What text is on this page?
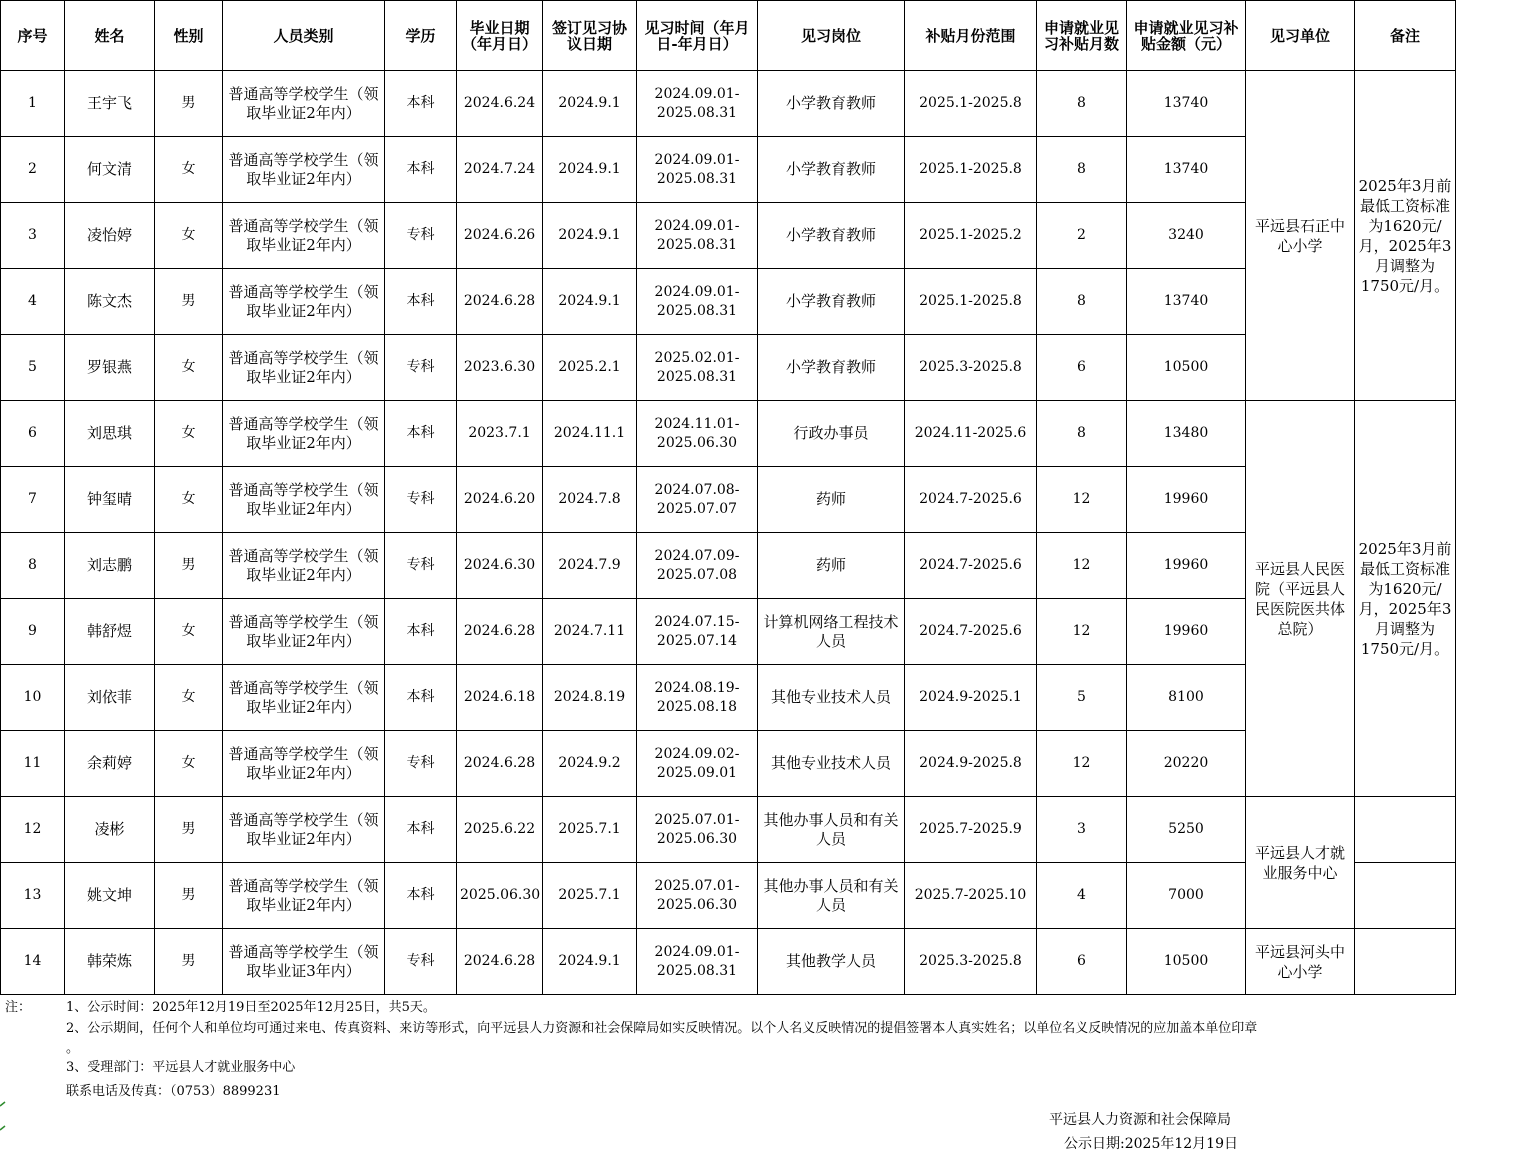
序号	姓名	性别	人员类别	学历	毕业日期（年月日）	签订见习协议日期	见习时间（年月日-年月日）	见习岗位	补贴月份范围	申请就业见习补贴月数	申请就业见习补贴金额（元）	见习单位	备注
1	王宇飞	男	普通高等学校学生（领取毕业证2年内）	本科	2024.6.24	2024.9.1	2024.09.01-2025.08.31	小学教育教师	2025.1-2025.8	8	13740	平远县石正中心小学	2025年3月前最低工资标准为1620元/月，2025年3月调整为1750元/月。
2	何文清	女	普通高等学校学生（领取毕业证2年内）	本科	2024.7.24	2024.9.1	2024.09.01-2025.08.31	小学教育教师	2025.1-2025.8	8	13740		
3	凌怡婷	女	普通高等学校学生（领取毕业证2年内）	专科	2024.6.26	2024.9.1	2024.09.01-2025.08.31	小学教育教师	2025.1-2025.2	2	3240		
4	陈文杰	男	普通高等学校学生（领取毕业证2年内）	本科	2024.6.28	2024.9.1	2024.09.01-2025.08.31	小学教育教师	2025.1-2025.8	8	13740		
5	罗银燕	女	普通高等学校学生（领取毕业证2年内）	专科	2023.6.30	2025.2.1	2025.02.01-2025.08.31	小学教育教师	2025.3-2025.8	6	10500		
6	刘思琪	女	普通高等学校学生（领取毕业证2年内）	本科	2023.7.1	2024.11.1	2024.11.01-2025.06.30	行政办事员	2024.11-2025.6	8	13480	平远县人民医院（平远县人民医院医共体总院）	2025年3月前最低工资标准为1620元/月，2025年3月调整为1750元/月。
7	钟玺晴	女	普通高等学校学生（领取毕业证2年内）	专科	2024.6.20	2024.7.8	2024.07.08-2025.07.07	药师	2024.7-2025.6	12	19960		
8	刘志鹏	男	普通高等学校学生（领取毕业证2年内）	专科	2024.6.30	2024.7.9	2024.07.09-2025.07.08	药师	2024.7-2025.6	12	19960		
9	韩舒煜	女	普通高等学校学生（领取毕业证2年内）	本科	2024.6.28	2024.7.11	2024.07.15-2025.07.14	计算机网络工程技术人员	2024.7-2025.6	12	19960		
10	刘依菲	女	普通高等学校学生（领取毕业证2年内）	本科	2024.6.18	2024.8.19	2024.08.19-2025.08.18	其他专业技术人员	2024.9-2025.1	5	8100		
11	余莉婷	女	普通高等学校学生（领取毕业证2年内）	专科	2024.6.28	2024.9.2	2024.09.02-2025.09.01	其他专业技术人员	2024.9-2025.8	12	20220		
12	凌彬	男	普通高等学校学生（领取毕业证2年内）	本科	2025.6.22	2025.7.1	2025.07.01-2025.06.30	其他办事人员和有关人员	2025.7-2025.9	3	5250	平远县人才就业服务中心	
13	姚文坤	男	普通高等学校学生（领取毕业证2年内）	本科	2025.06.30	2025.7.1	2025.07.01-2025.06.30	其他办事人员和有关人员	2025.7-2025.10	4	7000		
14	韩荣炼	男	普通高等学校学生（领取毕业证3年内）	专科	2024.6.28	2024.9.1	2024.09.01-2025.08.31	其他教学人员	2025.3-2025.8	6	10500	平远县河头中心小学	
注：	1、公示时间：2025年12月19日至2025年12月25日，共5天。
2、公示期间，任何个人和单位均可通过来电、传真资料、来访等形式，向平远县人力资源和社会保障局如实反映情况。以个人名义反映情况的提倡签署本人真实姓名；以单位名义反映情况的应加盖本单位印章
。
3、受理部门：平远县人才就业服务中心
联系电话及传真：（0753）8899231
平远县人力资源和社会保障局
公示日期:2025年12月19日
